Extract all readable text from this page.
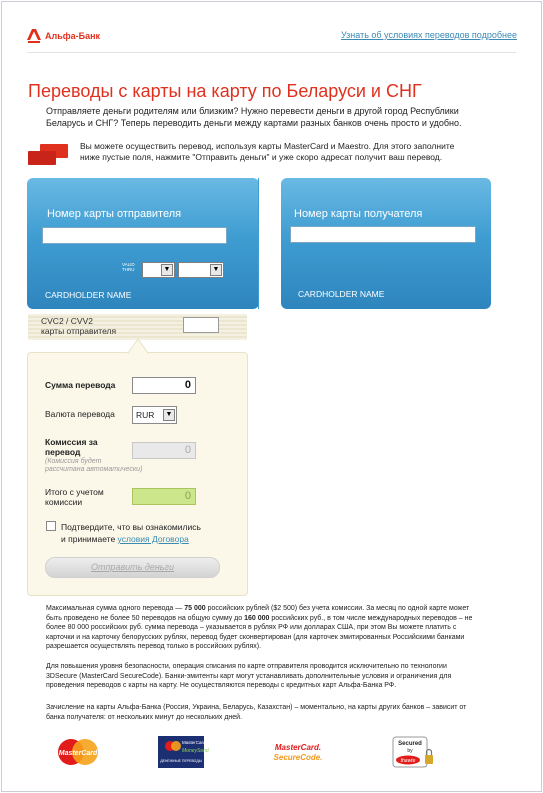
Альфа-Банк	Узнать об условиях переводов подробнее
Переводы с карты на карту по Беларуси и СНГ
Отправляете деньги родителям или близким? Нужно перевести деньги в другой город Республики
Беларусь и СНГ? Теперь переводить деньги между картами разных банков очень просто и удобно.
Вы можете осуществить перевод, используя карты MasterCard и Maestro. Для этого заполните
ниже пустые поля, нажмите "Отправить деньги" и уже скоро адресат получит ваш перевод.
Номер карты отправителя
VALID
THRU	▼	▼
CARDHOLDER NAME
Номер карты получателя
CARDHOLDER NAME
CVC2 / CVV2
карты отправителя
Сумма перевода	0
Валюта перевода	RUR	▼
Комиссия за
перевод
(Комиссия будет
рассчитана автоматически)
0
Итого с учетом
комиссии	0
Подтвердите, что вы ознакомились
и принимаете условия Договора
Отправить деньги
Максимальная сумма одного перевода — 75 000 российских рублей ($2 500) без учета комиссии. За месяц по одной карте может
быть проведено не более 50 переводов на общую сумму до 160 000 российских руб., в том числе международных переводов – не
более 80 000 российских руб. сумма перевода – указывается в рублях РФ или долларах США, при этом Вы можете платить с
карточки и на карточку белорусских рублях, перевод будет сконвертирован (для карточек эмитированных Российскими банками
разрешается осуществлять перевод только в российских рублях).
Для повышения уровня безопасности, операция списания по карте отправителя проводится исключительно по технологии
3DSecure (MasterCard SecureCode). Банки-эмитенты карт могут устанавливать дополнительные условия и ограничения для
проведения переводов с карты на карту. Не осуществляются переводы с кредитных карт Альфа-Банка РФ.
Зачисление на карты Альфа-Банка (Россия, Украина, Беларусь, Казахстан) – моментально, на карты других банков – зависит от
банка получателя: от нескольких минут до нескольких дней.
MasterCard
MasterCard
MoneySend
ДЕНЕЖНЫЕ ПЕРЕВОДЫ
MasterCard.
SecureCode.
Secured
by
thawte
